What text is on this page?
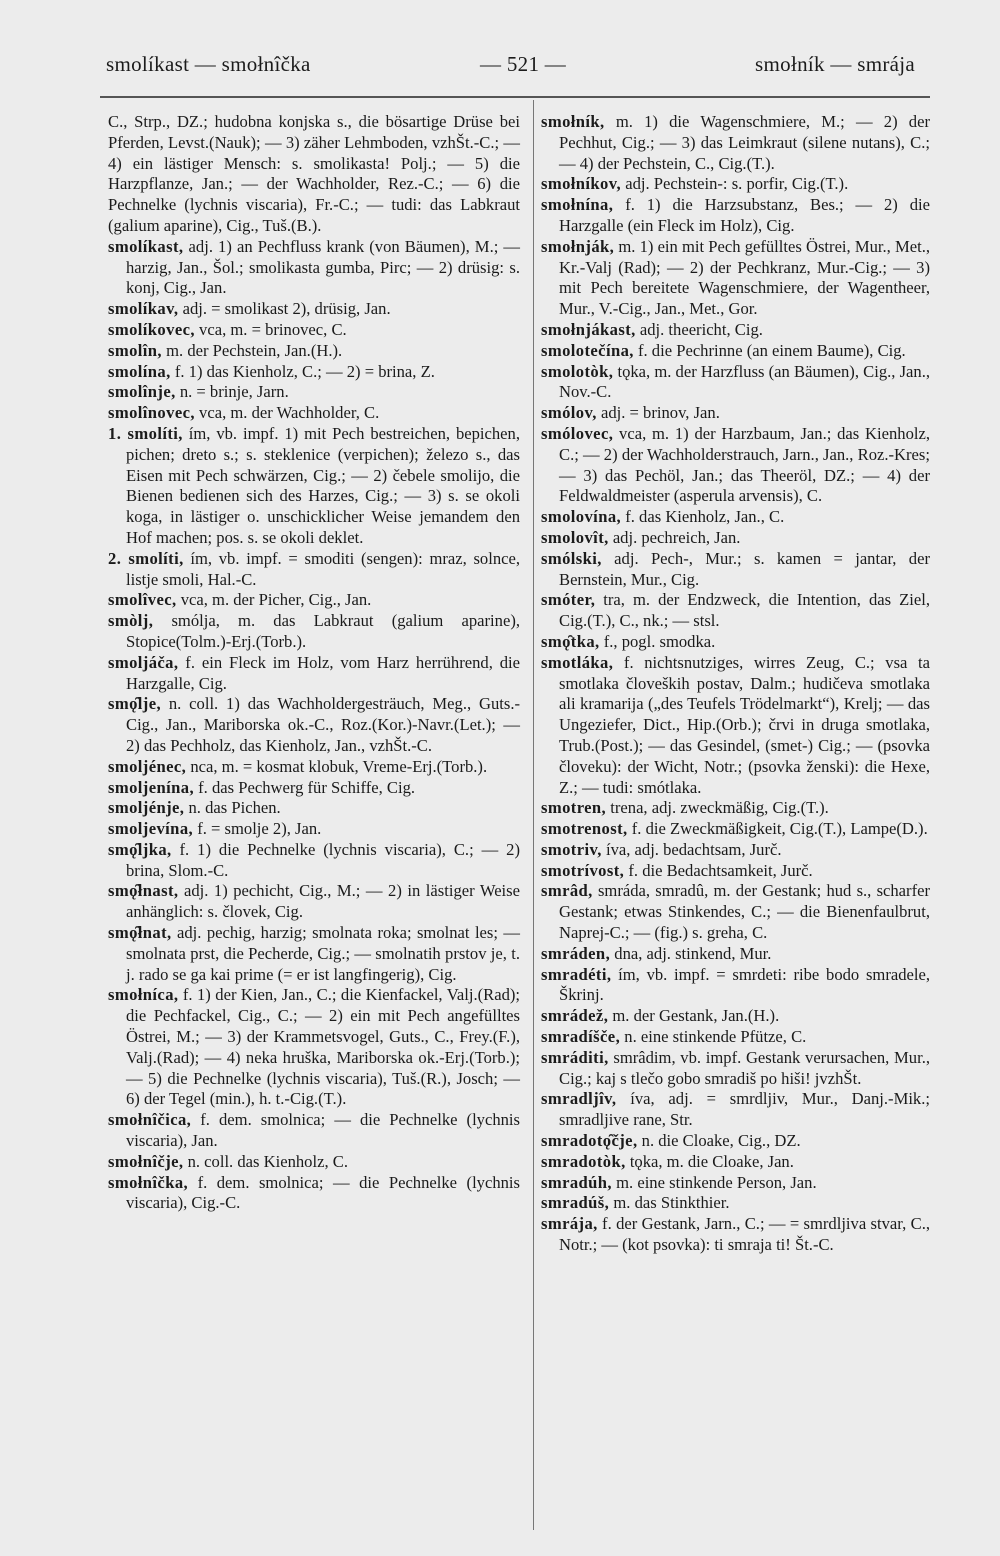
smolíkast — smołnîčka	— 521 —	smołník — smrája

C., Strp., DZ.; hudobna konjska s., die bösartige Drüse bei Pferden, Levst.(Nauk); — 3) zäher Lehmboden, vzhŠt.-C.; — 4) ein lästiger Mensch: s. smolikasta! Polj.; — 5) die Harzpflanze, Jan.; — der Wachholder, Rez.-C.; — 6) die Pechnelke (lychnis viscaria), Fr.-C.; — tudi: das Labkraut (galium aparine), Cig., Tuš.(B.).

smolíkast, adj. 1) an Pechfluss krank (von Bäumen), M.; — harzig, Jan., Šol.; smolikasta gumba, Pirc; — 2) drüsig: s. konj, Cig., Jan.

smolíkav, adj. = smolikast 2), drüsig, Jan.

smolíkovec, vca, m. = brinovec, C.

smolîn, m. der Pechstein, Jan.(H.).

smolína, f. 1) das Kienholz, C.; — 2) = brina, Z.

smolînje, n. = brinje, Jarn.

smolînovec, vca, m. der Wachholder, C.

1. smolíti, ím, vb. impf. 1) mit Pech bestreichen, bepichen, pichen; dreto s.; s. steklenice (verpichen); železo s., das Eisen mit Pech schwärzen, Cig.; — 2) čebele smolijo, die Bienen bedienen sich des Harzes, Cig.; — 3) s. se okoli koga, in lästiger o. unschicklicher Weise jemandem den Hof machen; pos. s. se okoli deklet.

2. smolíti, ím, vb. impf. = smoditi (sengen): mraz, solnce, listje smoli, Hal.-C.

smolîvec, vca, m. der Picher, Cig., Jan.

smòlj, smólja, m. das Labkraut (galium aparine), Stopice(Tolm.)-Erj.(Torb.).

smoljáča, f. ein Fleck im Holz, vom Harz herrührend, die Harzgalle, Cig.

smǫ̑lje, n. coll. 1) das Wachholdergesträuch, Meg., Guts.-Cig., Jan., Mariborska ok.-C., Roz.(Kor.)-Navr.(Let.); — 2) das Pechholz, das Kienholz, Jan., vzhŠt.-C.

smoljénec, nca, m. = kosmat klobuk, Vreme-Erj.(Torb.).

smoljenína, f. das Pechwerg für Schiffe, Cig.

smoljénje, n. das Pichen.

smoljevína, f. = smolje 2), Jan.

smǫ̑ljka, f. 1) die Pechnelke (lychnis viscaria), C.; — 2) brina, Slom.-C.

smǫ̑łnast, adj. 1) pechicht, Cig., M.; — 2) in lästiger Weise anhänglich: s. človek, Cig.

smǫ̑łnat, adj. pechig, harzig; smolnata roka; smolnat les; — smolnata prst, die Pecherde, Cig.; — smolnatih prstov je, t. j. rado se ga kai prime (= er ist langfingerig), Cig.

smołníca, f. 1) der Kien, Jan., C.; die Kienfackel, Valj.(Rad); die Pechfackel, Cig., C.; — 2) ein mit Pech angefülltes Östrei, M.; — 3) der Krammetsvogel, Guts., C., Frey.(F.), Valj.(Rad); — 4) neka hruška, Mariborska ok.-Erj.(Torb.); — 5) die Pechnelke (lychnis viscaria), Tuš.(R.), Josch; — 6) der Tegel (min.), h. t.-Cig.(T.).

smołnîčica, f. dem. smolnica; — die Pechnelke (lychnis viscaria), Jan.

smołnîčje, n. coll. das Kienholz, C.

smołnîčka, f. dem. smolnica; — die Pechnelke (lychnis viscaria), Cig.-C.

smołník, m. 1) die Wagenschmiere, M.; — 2) der Pechhut, Cig.; — 3) das Leimkraut (silene nutans), C.; — 4) der Pechstein, C., Cig.(T.).

smołníkov, adj. Pechstein-: s. porfir, Cig.(T.).

smołnína, f. 1) die Harzsubstanz, Bes.; — 2) die Harzgalle (ein Fleck im Holz), Cig.

smołnják, m. 1) ein mit Pech gefülltes Östrei, Mur., Met., Kr.-Valj (Rad); — 2) der Pechkranz, Mur.-Cig.; — 3) mit Pech bereitete Wagenschmiere, der Wagentheer, Mur., V.-Cig., Jan., Met., Gor.

smołnjákast, adj. theericht, Cig.

smolotečína, f. die Pechrinne (an einem Baume), Cig.

smolotòk, tǫka, m. der Harzfluss (an Bäumen), Cig., Jan., Nov.-C.

smólov, adj. = brinov, Jan.

smólovec, vca, m. 1) der Harzbaum, Jan.; das Kienholz, C.; — 2) der Wachholderstrauch, Jarn., Jan., Roz.-Kres; — 3) das Pechöl, Jan.; das Theeröl, DZ.; — 4) der Feldwaldmeister (asperula arvensis), C.

smolovína, f. das Kienholz, Jan., C.

smolovît, adj. pechreich, Jan.

smólski, adj. Pech-, Mur.; s. kamen = jantar, der Bernstein, Mur., Cig.

smóter, tra, m. der Endzweck, die Intention, das Ziel, Cig.(T.), C., nk.; — stsl.

smǫ̑tka, f., pogl. smodka.

smotláka, f. nichtsnutziges, wirres Zeug, C.; vsa ta smotlaka človeških postav, Dalm.; hudičeva smotlaka ali kramarija („des Teufels Trödelmarkt“), Krelj; — das Ungeziefer, Dict., Hip.(Orb.); črvi in druga smotlaka, Trub.(Post.); — das Gesindel, (smet-) Cig.; — (psovka človeku): der Wicht, Notr.; (psovka ženski): die Hexe, Z.; — tudi: smótlaka.

smotren, trena, adj. zweckmäßig, Cig.(T.).

smotrenost, f. die Zweckmäßigkeit, Cig.(T.), Lampe(D.).

smotriv, íva, adj. bedachtsam, Jurč.

smotrívost, f. die Bedachtsamkeit, Jurč.

smrâd, smráda, smradû, m. der Gestank; hud s., scharfer Gestank; etwas Stinkendes, C.; — die Bienenfaulbrut, Naprej-C.; — (fig.) s. greha, C.

smráden, dna, adj. stinkend, Mur.

smradéti, ím, vb. impf. = smrdeti: ribe bodo smradele, Škrinj.

smrádež, m. der Gestank, Jan.(H.).

smradíšče, n. eine stinkende Pfütze, C.

smráditi, smrâdim, vb. impf. Gestank verursachen, Mur., Cig.; kaj s tlečo gobo smradiš po hiši! jvzhŠt.

smradljîv, íva, adj. = smrdljiv, Mur., Danj.-Mik.; smradljive rane, Str.

smradotǫ̑čje, n. die Cloake, Cig., DZ.

smradotòk, tǫka, m. die Cloake, Jan.

smradúh, m. eine stinkende Person, Jan.

smradúš, m. das Stinkthier.

smrája, f. der Gestank, Jarn., C.; — = smrdljiva stvar, C., Notr.; — (kot psovka): ti smraja ti! Št.-C.
